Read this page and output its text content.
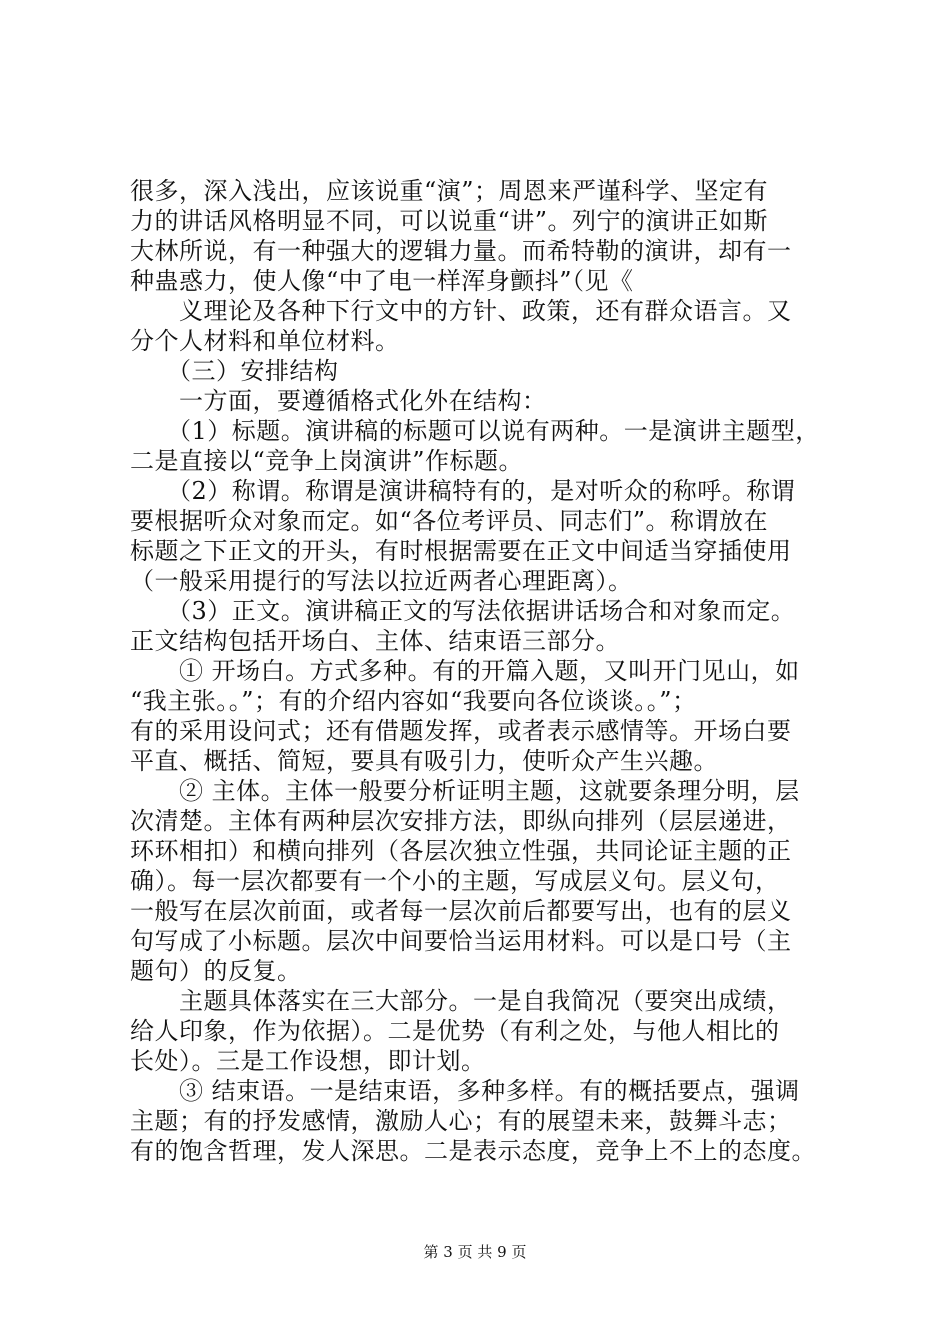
很多，深入浅出，应该说重“演”；周恩来严谨科学、坚定有
力的讲话风格明显不同，可以说重“讲”。列宁的演讲正如斯
大林所说，有一种强大的逻辑力量。而希特勒的演讲，却有一
种蛊惑力，使人像“中了电一样浑身颤抖”（见《
　　义理论及各种下行文中的方针、政策，还有群众语言。又
分个人材料和单位材料。
　　（三）安排结构
　　一方面，要遵循格式化外在结构：
　　（1）标题。演讲稿的标题可以说有两种。一是演讲主题型，
二是直接以“竞争上岗演讲”作标题。
　　（2）称谓。称谓是演讲稿特有的，是对听众的称呼。称谓
要根据听众对象而定。如“各位考评员、同志们”。称谓放在
标题之下正文的开头，有时根据需要在正文中间适当穿插使用
（一般采用提行的写法以拉近两者心理距离）。
　　（3）正文。演讲稿正文的写法依据讲话场合和对象而定。
正文结构包括开场白、主体、结束语三部分。
　　① 开场白。方式多种。有的开篇入题，又叫开门见山，如
“我主张。。”；有的介绍内容如“我要向各位谈谈。。”；
有的采用设问式；还有借题发挥，或者表示感情等。开场白要
平直、概括、简短，要具有吸引力，使听众产生兴趣。
　　② 主体。主体一般要分析证明主题，这就要条理分明，层
次清楚。主体有两种层次安排方法，即纵向排列（层层递进，
环环相扣）和横向排列（各层次独立性强，共同论证主题的正
确）。每一层次都要有一个小的主题，写成层义句。层义句，
一般写在层次前面，或者每一层次前后都要写出，也有的层义
句写成了小标题。层次中间要恰当运用材料。可以是口号（主
题句）的反复。
　　主题具体落实在三大部分。一是自我简况（要突出成绩，
给人印象，作为依据）。二是优势（有利之处，与他人相比的
长处）。三是工作设想，即计划。
　　③ 结束语。一是结束语，多种多样。有的概括要点，强调
主题；有的抒发感情，激励人心；有的展望未来，鼓舞斗志；
有的饱含哲理，发人深思。二是表示态度，竞争上不上的态度。
第 3 页 共 9 页
